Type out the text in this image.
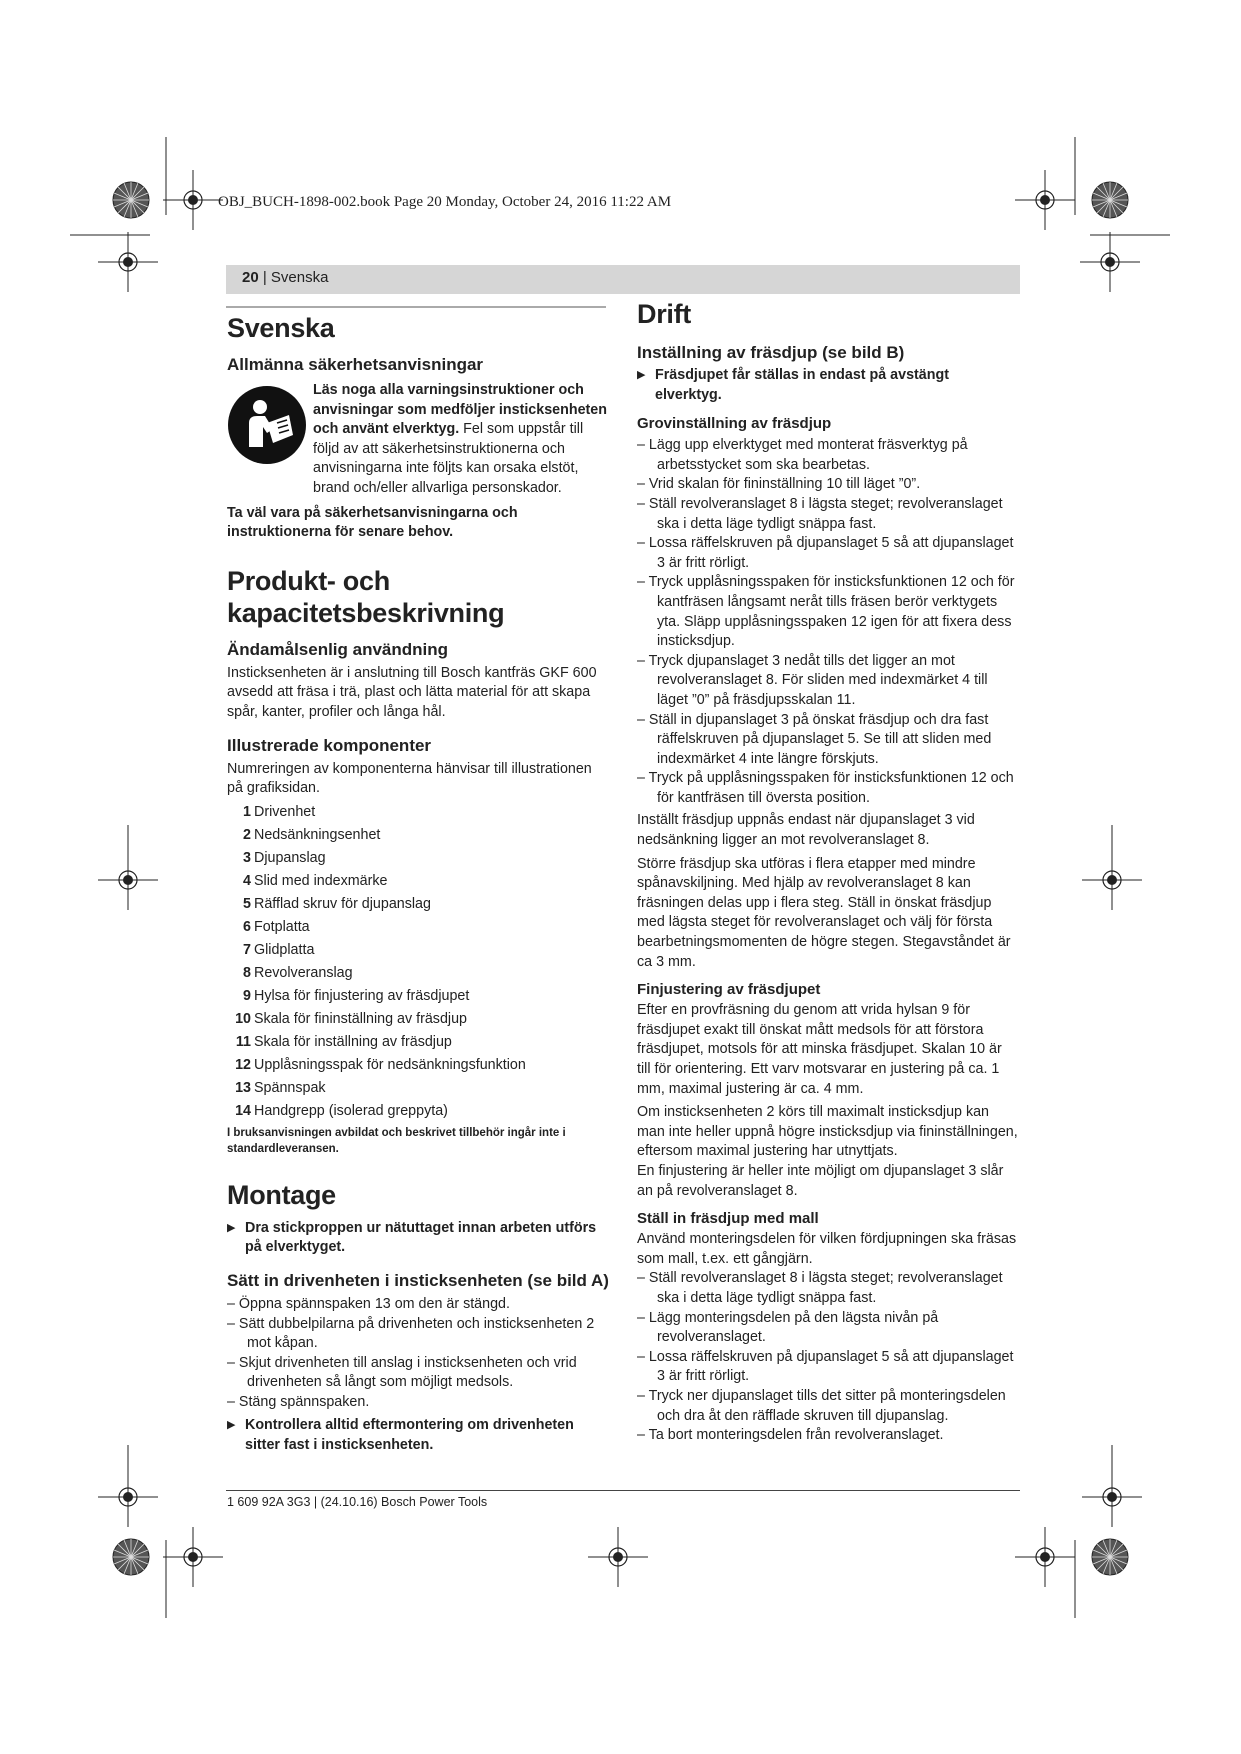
OBJ_BUCH-1898-002.book Page 20 Monday, October 24, 2016 11:22 AM
20 | Svenska
Svenska
Allmänna säkerhetsanvisningar

Läs noga alla varningsinstruktioner och anvisningar som medföljer insticksenheten och använt elverktyg. Fel som uppstår till följd av att säkerhetsinstruktionerna och anvisningarna inte följts kan orsaka elstöt, brand och/eller allvarliga personskador.

Ta väl vara på säkerhetsanvisningarna och instruktionerna för senare behov.

Produkt- och kapacitetsbeskrivning
Ändamålsenlig användning

Insticksenheten är i anslutning till Bosch kantfräs GKF 600 avsedd att fräsa i trä, plast och lätta material för att skapa spår, kanter, profiler och långa hål.

Illustrerade komponenter

Numreringen av komponenterna hänvisar till illustrationen på grafiksidan.

1 Drivenhet
2 Nedsänkningsenhet
3 Djupanslag
4 Slid med indexmärke
5 Räfflad skruv för djupanslag
6 Fotplatta
7 Glidplatta
8 Revolveranslag
9 Hylsa för finjustering av fräsdjupet
10 Skala för fininställning av fräsdjup
11 Skala för inställning av fräsdjup
12 Upplåsningsspak för nedsänkningsfunktion
13 Spännspak
14 Handgrepp (isolerad greppyta)

I bruksanvisningen avbildat och beskrivet tillbehör ingår inte i standardleveransen.

Montage

▶ Dra stickproppen ur nätuttaget innan arbeten utförs på elverktyget.

Sätt in drivenheten i insticksenheten (se bild A)

– Öppna spännspaken 13 om den är stängd.

– Sätt dubbelpilarna på drivenheten och insticksenheten 2 mot kåpan.

– Skjut drivenheten till anslag i insticksenheten och vrid drivenheten så långt som möjligt medsols.

– Stäng spännspaken.

▶ Kontrollera alltid eftermontering om drivenheten sitter fast i insticksenheten.

Drift
Inställning av fräsdjup (se bild B)

▶ Fräsdjupet får ställas in endast på avstängt elverktyg.

Grovinställning av fräsdjup

– Lägg upp elverktyget med monterat fräsverktyg på arbetsstycket som ska bearbetas.

– Vrid skalan för fininställning 10 till läget ”0”.

– Ställ revolveranslaget 8 i lägsta steget; revolveranslaget ska i detta läge tydligt snäppa fast.

– Lossa räffelskruven på djupanslaget 5 så att djupanslaget 3 är fritt rörligt.

– Tryck upplåsningsspaken för insticksfunktionen 12 och för kantfräsen långsamt neråt tills fräsen berör verktygets yta. Släpp upplåsningsspaken 12 igen för att fixera dess insticksdjup.

– Tryck djupanslaget 3 nedåt tills det ligger an mot revolveranslaget 8. För sliden med indexmärket 4 till läget ”0” på fräsdjupsskalan 11.

– Ställ in djupanslaget 3 på önskat fräsdjup och dra fast räffelskruven på djupanslaget 5. Se till att sliden med indexmärket 4 inte längre förskjuts.

– Tryck på upplåsningsspaken för insticksfunktionen 12 och för kantfräsen till översta position.

Inställt fräsdjup uppnås endast när djupanslaget 3 vid nedsänkning ligger an mot revolveranslaget 8.

Större fräsdjup ska utföras i flera etapper med mindre spånavskiljning. Med hjälp av revolveranslaget 8 kan fräsningen delas upp i flera steg. Ställ in önskat fräsdjup med lägsta steget för revolveranslaget och välj för första bearbetningsmomenten de högre stegen. Stegavståndet är ca 3 mm.

Finjustering av fräsdjupet

Efter en provfräsning du genom att vrida hylsan 9 för fräsdjupet exakt till önskat mått medsols för att förstora fräsdjupet, motsols för att minska fräsdjupet. Skalan 10 är till för orientering. Ett varv motsvarar en justering på ca. 1 mm, maximal justering är ca. 4 mm.

Om insticksenheten 2 körs till maximalt insticksdjup kan man inte heller uppnå högre insticksdjup via fininställningen, eftersom maximal justering har utnyttjats.

En finjustering är heller inte möjligt om djupanslaget 3 slår an på revolveranslaget 8.

Ställ in fräsdjup med mall

Använd monteringsdelen för vilken fördjupningen ska fräsas som mall, t.ex. ett gångjärn.

– Ställ revolveranslaget 8 i lägsta steget; revolveranslaget ska i detta läge tydligt snäppa fast.

– Lägg monteringsdelen på den lägsta nivån på revolveranslaget.

– Lossa räffelskruven på djupanslaget 5 så att djupanslaget 3 är fritt rörligt.

– Tryck ner djupanslaget tills det sitter på monteringsdelen och dra åt den räfflade skruven till djupanslag.

– Ta bort monteringsdelen från revolveranslaget.

1 609 92A 3G3 | (24.10.16) Bosch Power Tools
